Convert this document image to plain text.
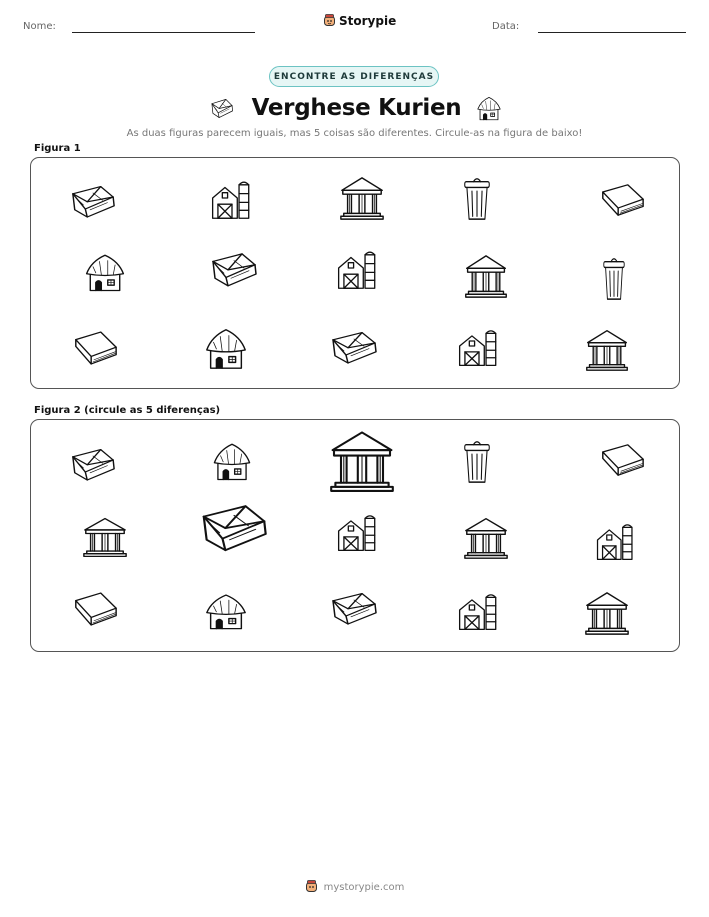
Nome:	Storypie	Data:
ENCONTRE AS DIFERENÇAS
Verghese Kurien
As duas figuras parecem iguais, mas 5 coisas são diferentes. Circule-as na figura de baixo!
Figura 1
Figura 2 (circule as 5 diferenças)
mystorypie.com
